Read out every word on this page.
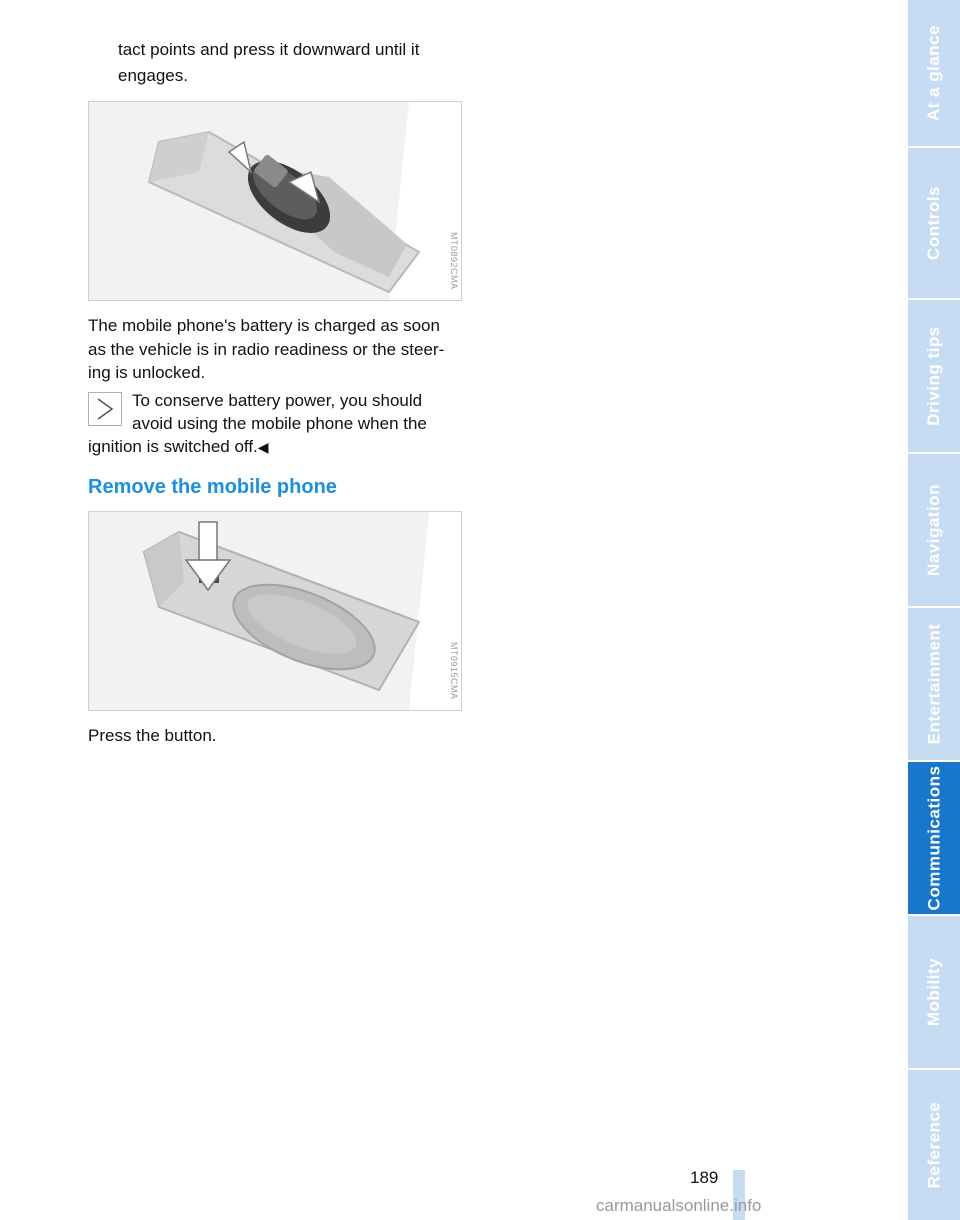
tact points and press it downward until it

engages.

MT0892CMA

The mobile phone's battery is charged as soon

as the vehicle is in radio readiness or the steer-

ing is unlocked.

To conserve battery power, you should

avoid using the mobile phone when the

ignition is switched off.◀

Remove the mobile phone
MT0915CMA

Press the button.

At a glance
Controls
Driving tips
Navigation
Entertainment
Communications
Mobility
Reference
189
carmanualsonline.info
